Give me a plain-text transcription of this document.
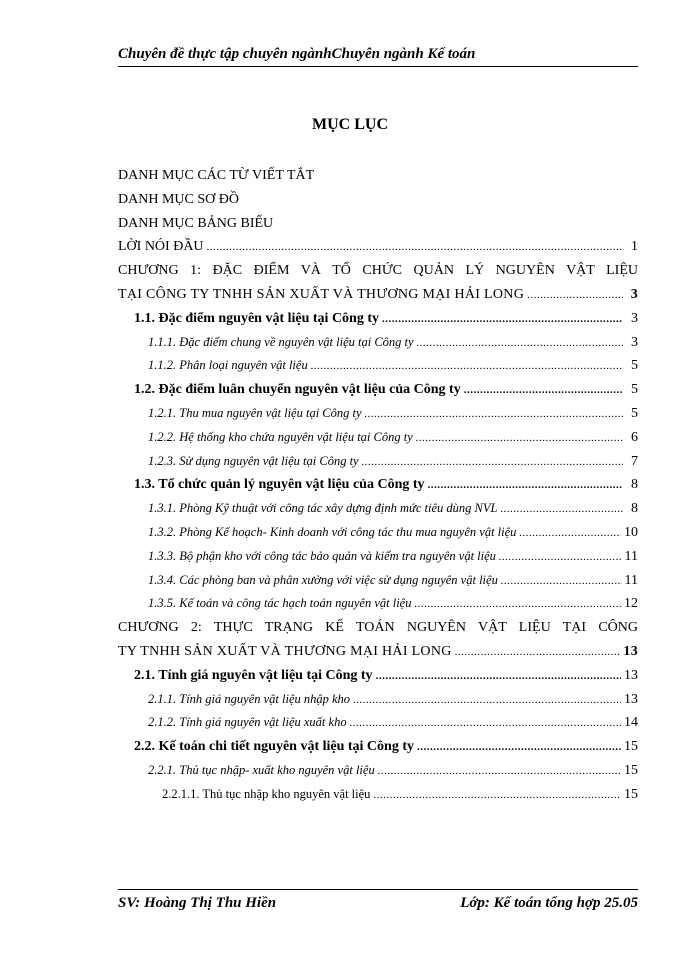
Chuyên đề thực tập chuyên ngànhChuyên ngành Kế toán
MỤC LỤC
DANH MỤC CÁC TỪ VIẾT TẮT
DANH MỤC SƠ ĐỒ
DANH MỤC BẢNG BIỂU
LỜI NÓI ĐẦU .....	1
CHƯƠNG 1: ĐẶC ĐIỂM VÀ TỔ CHỨC QUẢN LÝ NGUYÊN VẬT LIỆU
TẠI CÔNG TY TNHH SẢN XUẤT VÀ THƯƠNG MẠI HẢI LONG .....	3
1.1. Đặc điểm nguyên vật liệu tại Công ty .....	3
1.1.1. Đặc điểm chung về nguyên vật liệu tại Công ty .....	3
1.1.2. Phân loại nguyên vật liệu .....	5
1.2. Đặc điểm luân chuyển nguyên vật liệu của Công ty .....	5
1.2.1. Thu mua nguyên vật liệu tại Công ty .....	5
1.2.2. Hệ thống kho chứa nguyên vật liệu tại Công ty .....	6
1.2.3. Sử dụng nguyên vật liệu tại Công ty .....	7
1.3. Tổ chức quản lý nguyên vật liệu của Công ty .....	8
1.3.1. Phòng Kỹ thuật với công tác xây dựng định mức tiêu dùng NVL .....	8
1.3.2. Phòng Kế hoạch- Kinh doanh với công tác thu mua nguyên vật liệu .....	10
1.3.3. Bộ phận kho với công tác bảo quản và kiểm tra nguyên vật liệu .....	11
1.3.4. Các phòng ban và phân xưởng với việc sử dụng nguyên vật liệu .....	11
1.3.5. Kế toán và công tác hạch toán nguyên vật liệu .....	12
CHƯƠNG 2: THỰC TRẠNG KẾ TOÁN NGUYÊN VẬT LIỆU TẠI CÔNG
TY TNHH SẢN XUẤT VÀ THƯƠNG MẠI HẢI LONG .....	13
2.1. Tính giá nguyên vật liệu tại Công ty .....	13
2.1.1. Tính giá nguyên vật liệu nhập kho .....	13
2.1.2. Tính giá nguyên vật liệu xuất kho .....	14
2.2. Kế toán chi tiết nguyên vật liệu tại Công ty .....	15
2.2.1. Thủ tục nhập- xuất kho nguyên vật liệu .....	15
2.2.1.1. Thủ tục nhập kho nguyên vật liệu .....	15
SV: Hoàng Thị Thu Hiền	Lớp: Kế toán tổng hợp 25.05
